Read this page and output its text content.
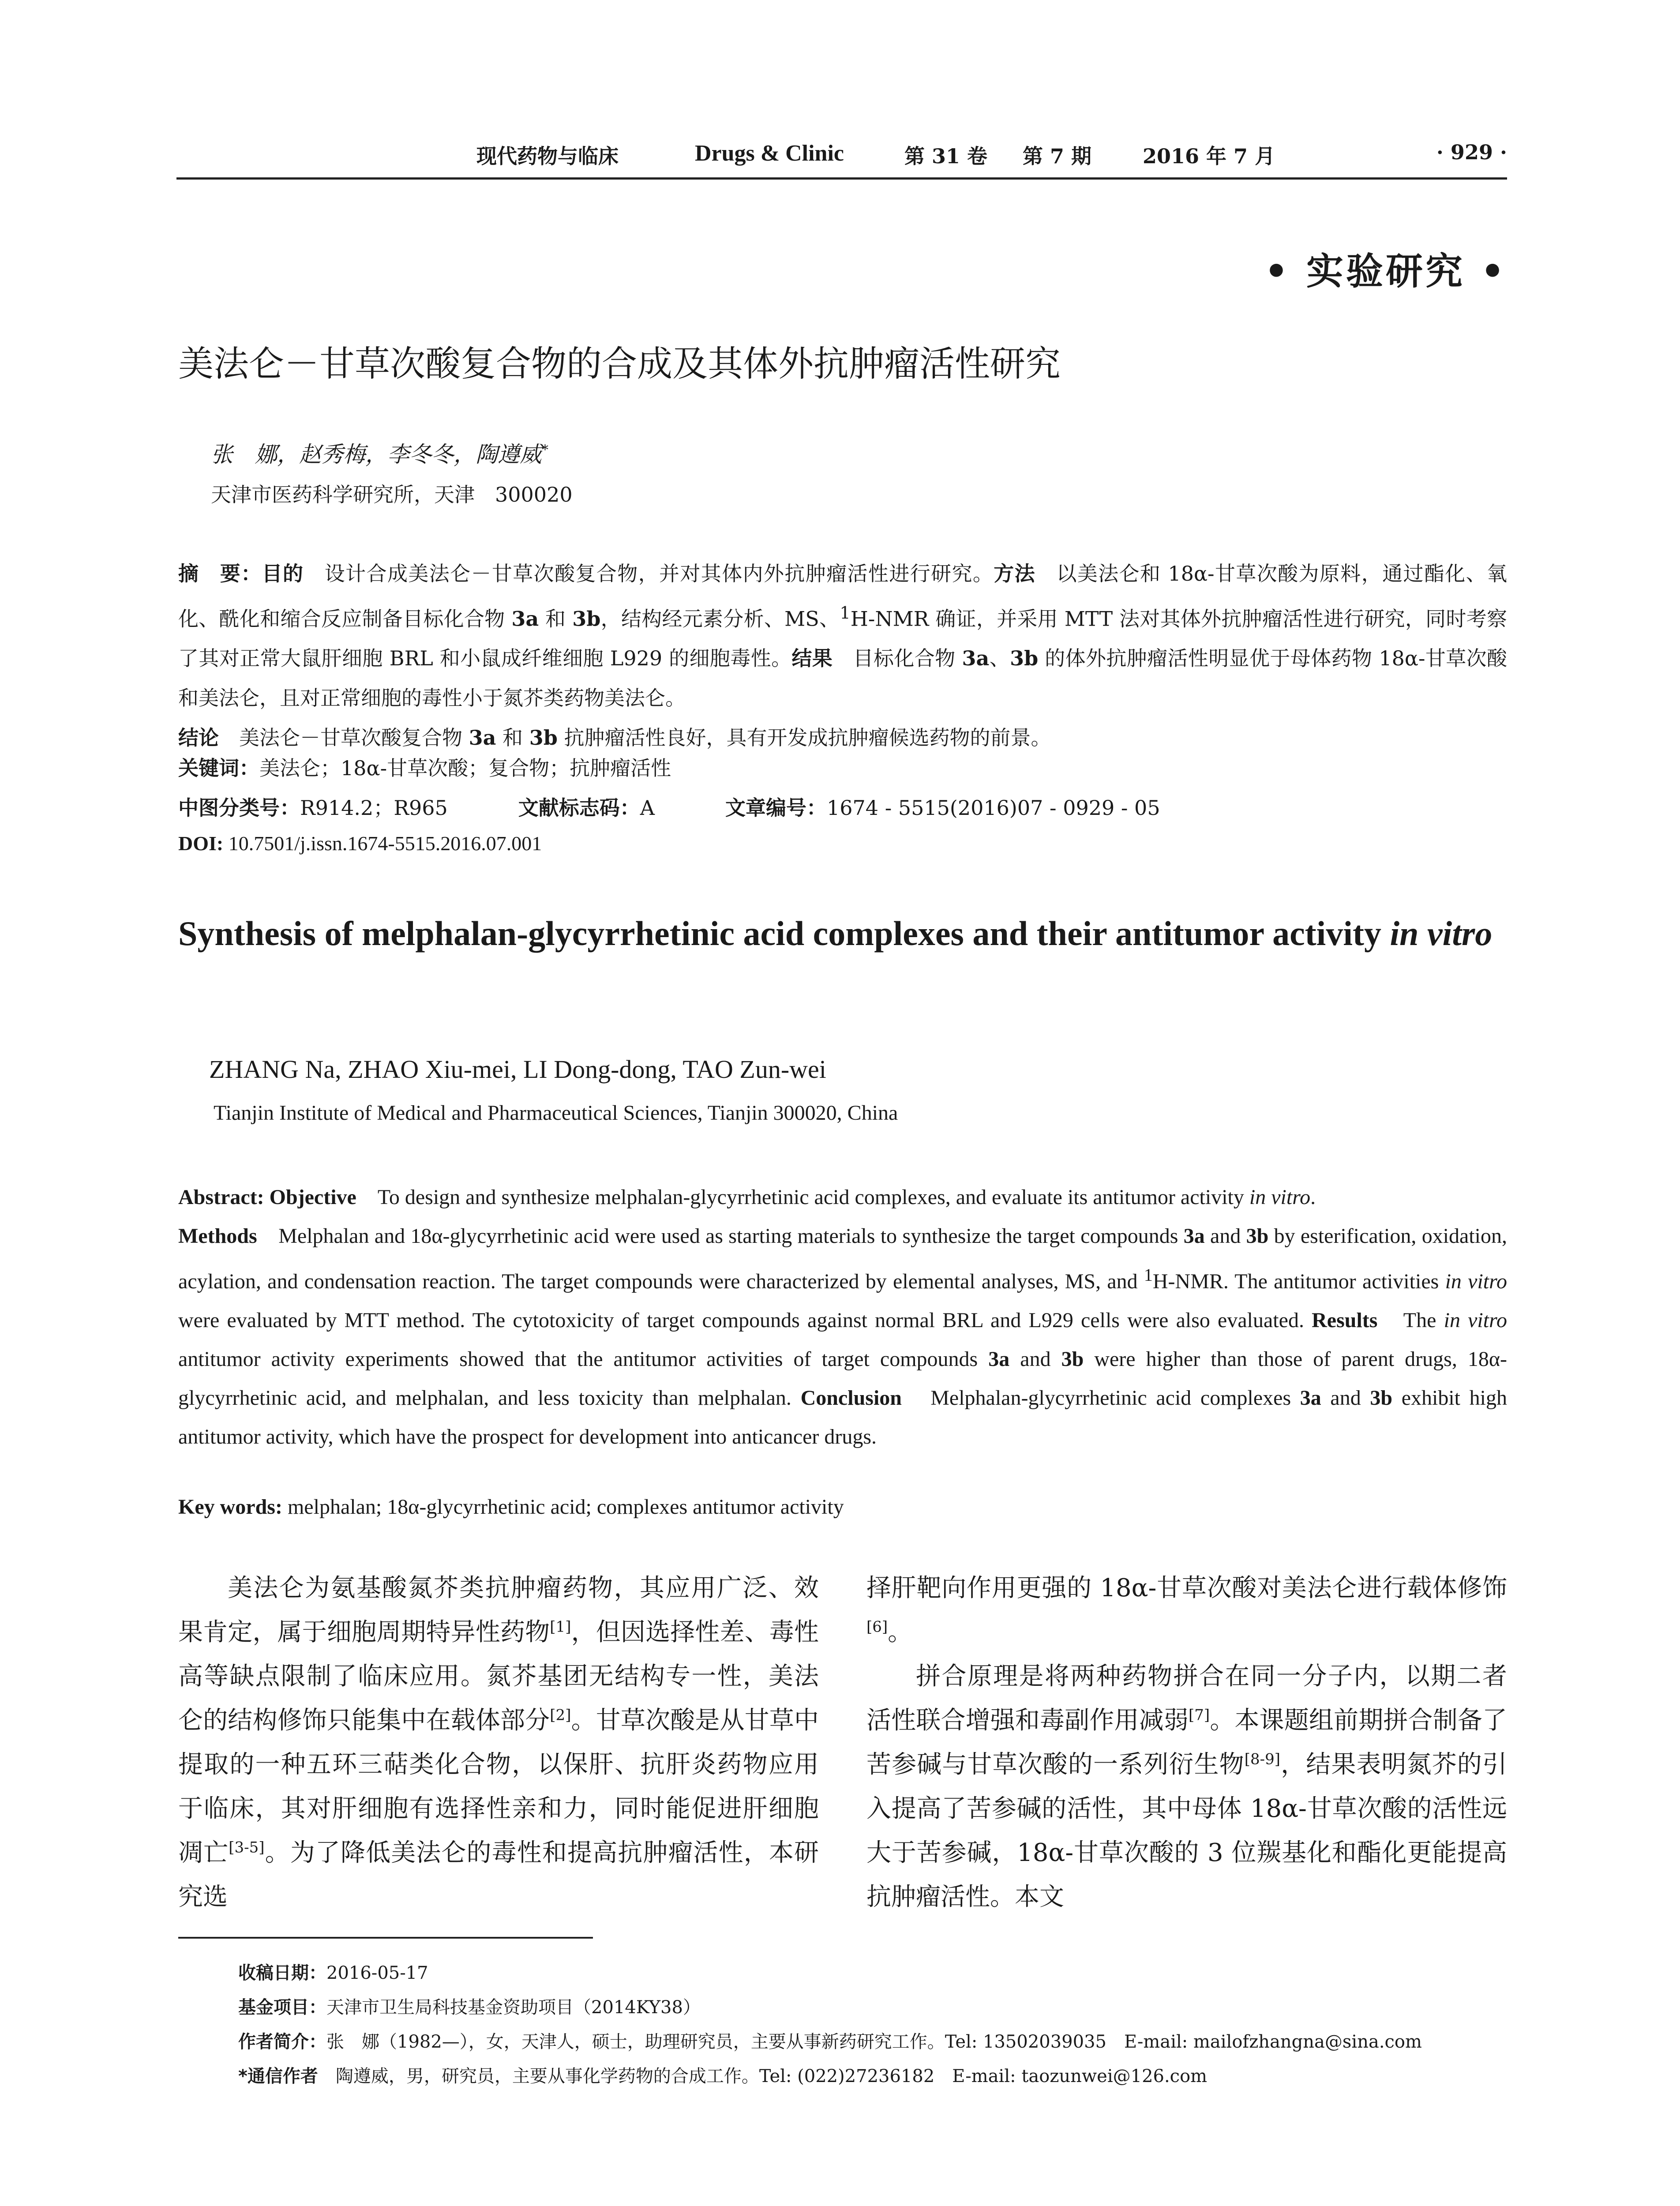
现代药物与临床	Drugs & Clinic	第 31 卷 第 7 期	2016 年 7 月	· 929 ·
• 实验研究 •
美法仑－甘草次酸复合物的合成及其体外抗肿瘤活性研究
张　娜，赵秀梅，李冬冬，陶遵威*
天津市医药科学研究所，天津　300020
摘　要：目的　设计合成美法仑－甘草次酸复合物，并对其体内外抗肿瘤活性进行研究。方法　以美法仑和 18α-甘草次酸为原料，通过酯化、氧化、酰化和缩合反应制备目标化合物 3a 和 3b，结构经元素分析、MS、$^1$H-NMR 确证，并采用 MTT 法对其体外抗肿瘤活性进行研究，同时考察了其对正常大鼠肝细胞 BRL 和小鼠成纤维细胞 L929 的细胞毒性。结果　目标化合物 3a、3b 的体外抗肿瘤活性明显优于母体药物 18α-甘草次酸和美法仑，且对正常细胞的毒性小于氮芥类药物美法仑。
结论　美法仑－甘草次酸复合物 3a 和 3b 抗肿瘤活性良好，具有开发成抗肿瘤候选药物的前景。
关键词：美法仑；18α-甘草次酸；复合物；抗肿瘤活性
中图分类号：R914.2；R965	文献标志码：A	文章编号：1674 - 5515(2016)07 - 0929 - 05
DOI: 10.7501/j.issn.1674-5515.2016.07.001
Synthesis of melphalan-glycyrrhetinic acid complexes and their antitumor activity in vitro
ZHANG Na, ZHAO Xiu-mei, LI Dong-dong, TAO Zun-wei
Tianjin Institute of Medical and Pharmaceutical Sciences, Tianjin 300020, China
Abstract: Objective　To design and synthesize melphalan-glycyrrhetinic acid complexes, and evaluate its antitumor activity in vitro.
Methods　Melphalan and 18α-glycyrrhetinic acid were used as starting materials to synthesize the target compounds 3a and 3b by esterification, oxidation, acylation, and condensation reaction. The target compounds were characterized by elemental analyses, MS, and $^1$H-NMR. The antitumor activities in vitro were evaluated by MTT method. The cytotoxicity of target compounds against normal BRL and L929 cells were also evaluated. Results　The in vitro antitumor activity experiments showed that the antitumor activities of target compounds 3a and 3b were higher than those of parent drugs, 18α-glycyrrhetinic acid, and melphalan, and less toxicity than melphalan. Conclusion　Melphalan-glycyrrhetinic acid complexes 3a and 3b exhibit high antitumor activity, which have the prospect for development into anticancer drugs.
Key words: melphalan; 18α-glycyrrhetinic acid; complexes antitumor activity

美法仑为氨基酸氮芥类抗肿瘤药物，其应用广泛、效果肯定，属于细胞周期特异性药物[1]，但因选择性差、毒性高等缺点限制了临床应用。氮芥基团无结构专一性，美法仑的结构修饰只能集中在载体部分[2]。甘草次酸是从甘草中提取的一种五环三萜类化合物，以保肝、抗肝炎药物应用于临床，其对肝细胞有选择性亲和力，同时能促进肝细胞凋亡[3-5]。为了降低美法仑的毒性和提高抗肿瘤活性，本研究选

择肝靶向作用更强的 18α-甘草次酸对美法仑进行载体修饰[6]。

拼合原理是将两种药物拼合在同一分子内，以期二者活性联合增强和毒副作用减弱[7]。本课题组前期拼合制备了苦参碱与甘草次酸的一系列衍生物[8-9]，结果表明氮芥的引入提高了苦参碱的活性，其中母体 18α-甘草次酸的活性远大于苦参碱，18α-甘草次酸的 3 位羰基化和酯化更能提高抗肿瘤活性。本文

收稿日期：2016-05-17
基金项目：天津市卫生局科技基金资助项目（2014KY38）
作者简介：张　娜（1982—），女，天津人，硕士，助理研究员，主要从事新药研究工作。Tel: 13502039035　E-mail: mailofzhangna@sina.com
*通信作者　陶遵威，男，研究员，主要从事化学药物的合成工作。Tel: (022)27236182　E-mail: taozunwei@126.com
